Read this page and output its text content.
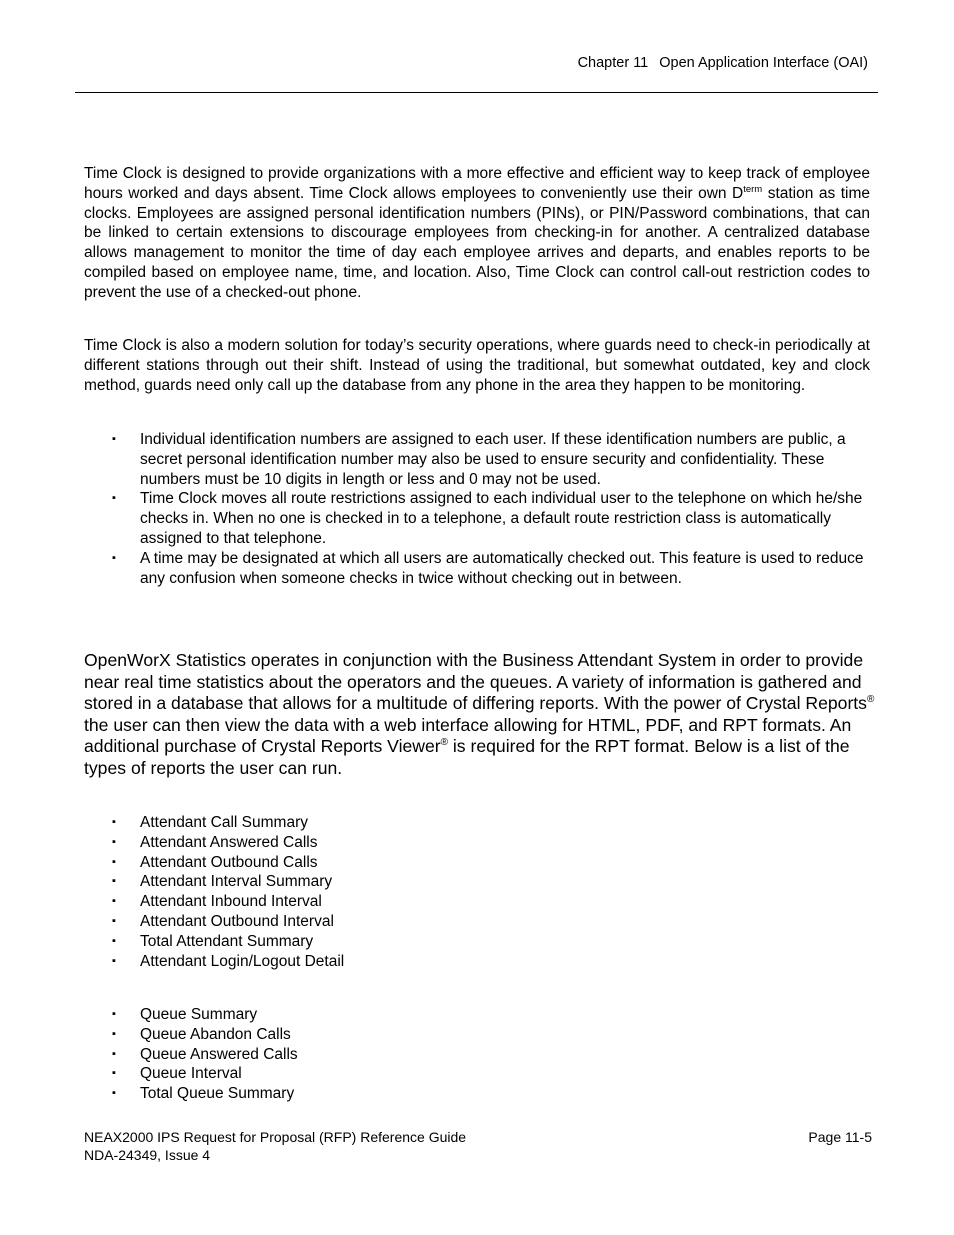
Chapter 11 Open Application Interface (OAI)

Time Clock is designed to provide organizations with a more effective and efficient way to keep track of employee hours worked and days absent. Time Clock allows employees to conveniently use their own $D^{term}$ station as time clocks. Employees are assigned personal identification numbers (PINs), or PIN/Password combinations, that can be linked to certain extensions to discourage employees from checking-in for another. A centralized database allows management to monitor the time of day each employee arrives and departs, and enables reports to be compiled based on employee name, time, and location. Also, Time Clock can control call-out restriction codes to prevent the use of a checked-out phone.

Time Clock is also a modern solution for today’s security operations, where guards need to check-in periodically at different stations through out their shift. Instead of using the traditional, but somewhat outdated, key and clock method, guards need only call up the database from any phone in the area they happen to be monitoring.

▪ Individual identification numbers are assigned to each user. If these identification numbers are public, a secret personal identification number may also be used to ensure security and confidentiality. These numbers must be 10 digits in length or less and 0 may not be used.
▪ Time Clock moves all route restrictions assigned to each individual user to the telephone on which he/she checks in. When no one is checked in to a telephone, a default route restriction class is automatically assigned to that telephone.
▪ A time may be designated at which all users are automatically checked out. This feature is used to reduce any confusion when someone checks in twice without checking out in between.

OpenWorX Statistics operates in conjunction with the Business Attendant System in order to provide near real time statistics about the operators and the queues. A variety of information is gathered and stored in a database that allows for a multitude of differing reports. With the power of Crystal Reports® the user can then view the data with a web interface allowing for HTML, PDF, and RPT formats. An additional purchase of Crystal Reports Viewer® is required for the RPT format. Below is a list of the types of reports the user can run.

▪ Attendant Call Summary
▪ Attendant Answered Calls
▪ Attendant Outbound Calls
▪ Attendant Interval Summary
▪ Attendant Inbound Interval
▪ Attendant Outbound Interval
▪ Total Attendant Summary
▪ Attendant Login/Logout Detail
▪ Queue Summary
▪ Queue Abandon Calls
▪ Queue Answered Calls
▪ Queue Interval
▪ Total Queue Summary
NEAX2000 IPS Request for Proposal (RFP) Reference Guide
NDA-24349, Issue 4
Page 11-5
